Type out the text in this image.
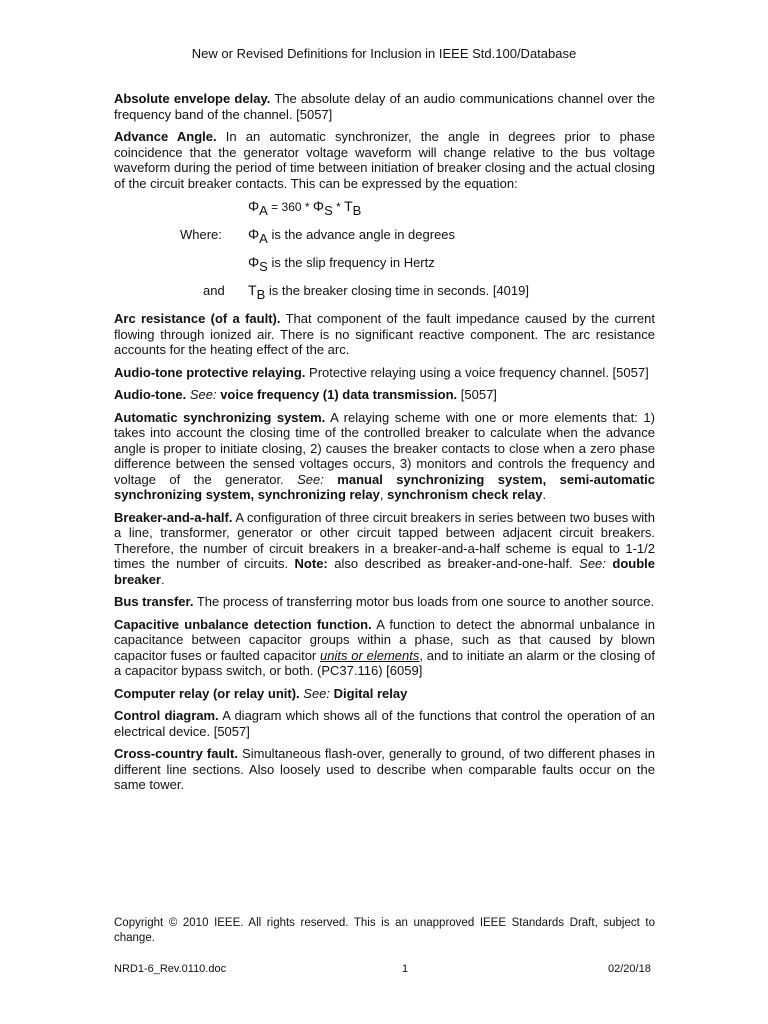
New or Revised Definitions for Inclusion in IEEE Std.100/Database

Absolute envelope delay. The absolute delay of an audio communications channel over the frequency band of the channel. [5057]

Advance Angle. In an automatic synchronizer, the angle in degrees prior to phase coincidence that the generator voltage waveform will change relative to the bus voltage waveform during the period of time between initiation of breaker closing and the actual closing of the circuit breaker contacts. This can be expressed by the equation:

$\Phi_A = 360 * \Phi_S * T_B$
Where: $\Phi_A$ is the advance angle in degrees
$\Phi_S$ is the slip frequency in Hertz
and $T_B$ is the breaker closing time in seconds. [4019]

Arc resistance (of a fault). That component of the fault impedance caused by the current flowing through ionized air. There is no significant reactive component. The arc resistance accounts for the heating effect of the arc.

Audio-tone protective relaying. Protective relaying using a voice frequency channel. [5057]

Audio-tone. See: voice frequency (1) data transmission. [5057]

Automatic synchronizing system. A relaying scheme with one or more elements that: 1) takes into account the closing time of the controlled breaker to calculate when the advance angle is proper to initiate closing, 2) causes the breaker contacts to close when a zero phase difference between the sensed voltages occurs, 3) monitors and controls the frequency and voltage of the generator. See: manual synchronizing system, semi-automatic synchronizing system, synchronizing relay, synchronism check relay.

Breaker-and-a-half. A configuration of three circuit breakers in series between two buses with a line, transformer, generator or other circuit tapped between adjacent circuit breakers. Therefore, the number of circuit breakers in a breaker-and-a-half scheme is equal to 1-1/2 times the number of circuits. Note: also described as breaker-and-one-half. See: double breaker.

Bus transfer. The process of transferring motor bus loads from one source to another source.

Capacitive unbalance detection function. A function to detect the abnormal unbalance in capacitance between capacitor groups within a phase, such as that caused by blown capacitor fuses or faulted capacitor units or elements, and to initiate an alarm or the closing of a capacitor bypass switch, or both. (PC37.116) [6059]

Computer relay (or relay unit). See: Digital relay

Control diagram. A diagram which shows all of the functions that control the operation of an electrical device. [5057]

Cross-country fault. Simultaneous flash-over, generally to ground, of two different phases in different line sections. Also loosely used to describe when comparable faults occur on the same tower.

Copyright © 2010 IEEE. All rights reserved. This is an unapproved IEEE Standards Draft, subject to change.
NRD1-6_Rev.0110.doc	1	02/20/18
